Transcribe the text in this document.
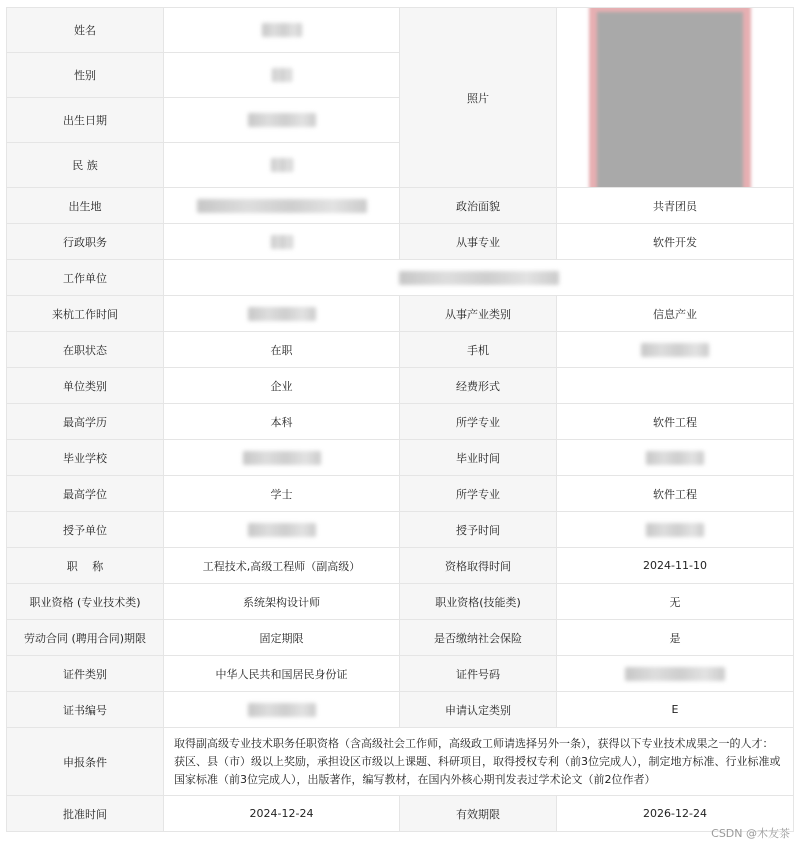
姓名		照片	

性别			
出生日期			
民 族			
出生地		政治面貌	共青团员
行政职务		从事专业	软件开发
工作单位			
来杭工作时间		从事产业类别	信息产业
在职状态	在职	手机	
单位类别	企业	经费形式	
最高学历	本科	所学专业	软件工程
毕业学校		毕业时间	
最高学位	学士	所学专业	软件工程
授予单位		授予时间	
职　 称	工程技术,高级工程师（副高级）	资格取得时间	2024-11-10
职业资格 (专业技术类)	系统架构设计师	职业资格(技能类)	无
劳动合同 (聘用合同)期限	固定期限	是否缴纳社会保险	是
证件类别	中华人民共和国居民身份证	证件号码	
证书编号		申请认定类别	E
申报条件	取得副高级专业技术职务任职资格（含高级社会工作师，高级政工师请选择另外一条），获得以下专业技术成果之一的人才：获区、县（市）级以上奖励，承担设区市级以上课题、科研项目，取得授权专利（前3位完成人），制定地方标准、行业标准或国家标准（前3位完成人），出版著作，编写教材，在国内外核心期刊发表过学术论文（前2位作者）		
批准时间	2024-12-24	有效期限	2026-12-24
CSDN @木友茶
